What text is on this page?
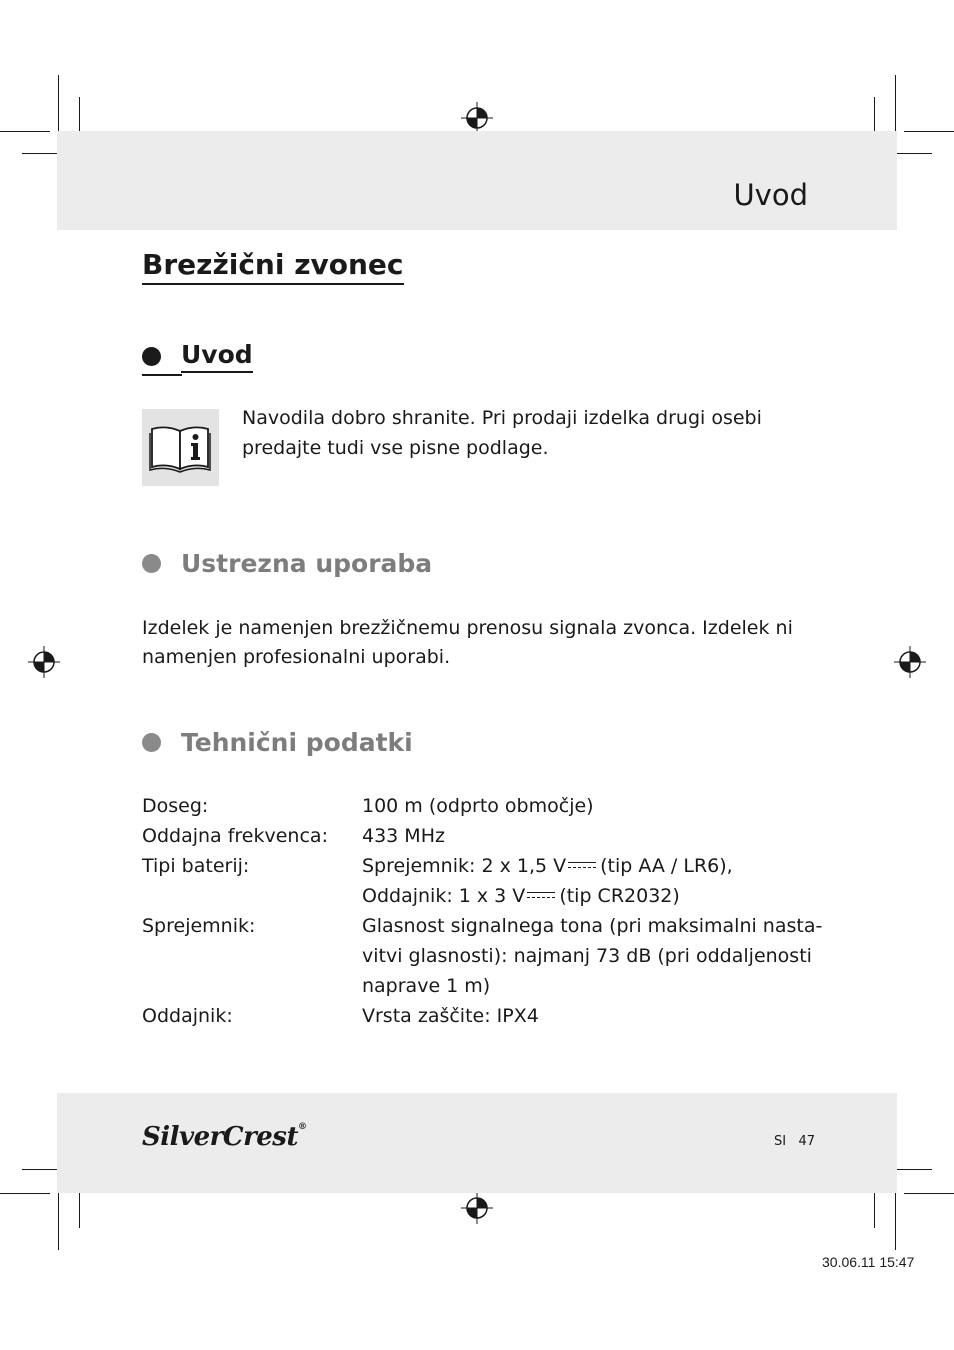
Uvod
Brezžični zvonec
Uvod

Navodila dobro shranite. Pri prodaji izdelka drugi osebi

predajte tudi vse pisne podlage.

Ustrezna uporaba

Izdelek je namenjen brezžičnemu prenosu signala zvonca. Izdelek ni

namenjen profesionalni uporabi.

Tehnični podatki
Doseg:	100 m (odprto območje)
Oddajna frekvenca: 433 MHz
Tipi baterij:	Sprejemnik: 2 x 1,5 V (tip AA / LR6),
Oddajnik: 1 x 3 V (tip CR2032)
Sprejemnik:	Glasnost signalnega tona (pri maksimalni nasta-
vitvi glasnosti): najmanj 73 dB (pri oddaljenosti
naprave 1 m)
Oddajnik:	Vrsta zaščite: IPX4
SilverCrest®
SI 47
30.06.11 15:47
